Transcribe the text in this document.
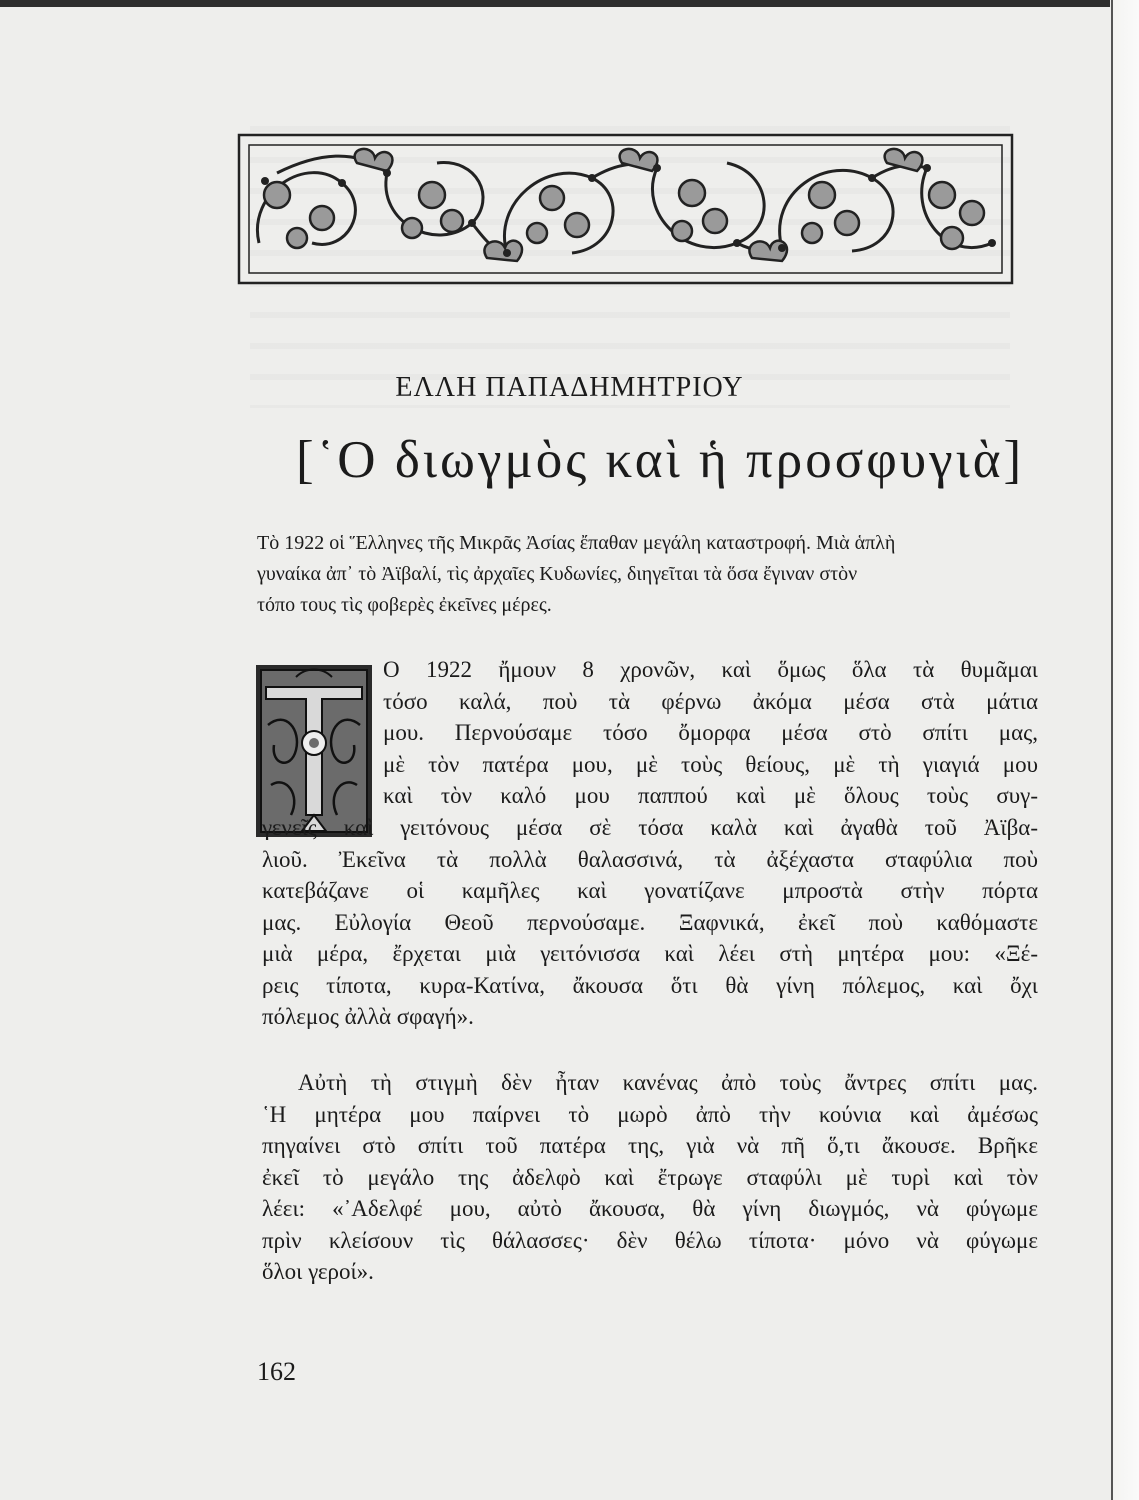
ΕΛΛΗ ΠΑΠΑΔΗΜΗΤΡΙΟΥ
[῾Ο διωγμὸς καὶ ἡ προσφυγιὰ]
Τὸ 1922 οἱ Ἕλληνες τῆς Μικρᾶς Ἀσίας ἔπαθαν μεγάλη καταστροφή. Μιὰ ἁπλὴ
γυναίκα ἀπ᾿ τὸ Ἀϊβαλί, τὶς ἀρχαῖες Κυδωνίες, διηγεῖται τὰ ὅσα ἔγιναν στὸν
τόπο τους τὶς φοβερὲς ἐκεῖνες μέρες.
Ο 1922 ἤμουν 8 χρονῶν, καὶ ὅμως ὅλα τὰ θυμᾶμαι
τόσο καλά, ποὺ τὰ φέρνω ἀκόμα μέσα στὰ μάτια
μου. Περνούσαμε τόσο ὄμορφα μέσα στὸ σπίτι μας,
μὲ τὸν πατέρα μου, μὲ τοὺς θείους, μὲ τὴ γιαγιά μου
καὶ τὸν καλό μου παππού καὶ μὲ ὅλους τοὺς συγ-
γενεῖς καὶ γειτόνους μέσα σὲ τόσα καλὰ καὶ ἀγαθὰ τοῦ Ἀϊβα-
λιοῦ. Ἐκεῖνα τὰ πολλὰ θαλασσινά, τὰ ἀξέχαστα σταφύλια ποὺ
κατεβάζανε οἱ καμῆλες καὶ γονατίζανε μπροστὰ στὴν πόρτα
μας. Εὐλογία Θεοῦ περνούσαμε. Ξαφνικά, ἐκεῖ ποὺ καθόμαστε
μιὰ μέρα, ἔρχεται μιὰ γειτόνισσα καὶ λέει στὴ μητέρα μου: «Ξέ-
ρεις τίποτα, κυρα-Κατίνα, ἄκουσα ὅτι θὰ γίνη πόλεμος, καὶ ὄχι
πόλεμος ἀλλὰ σφαγή».
Αὐτὴ τὴ στιγμὴ δὲν ἦταν κανένας ἀπὸ τοὺς ἄντρες σπίτι μας.
῾Η μητέρα μου παίρνει τὸ μωρὸ ἀπὸ τὴν κούνια καὶ ἀμέσως
πηγαίνει στὸ σπίτι τοῦ πατέρα της, γιὰ νὰ πῆ ὅ,τι ἄκουσε. Βρῆκε
ἐκεῖ τὸ μεγάλο της ἀδελφὸ καὶ ἔτρωγε σταφύλι μὲ τυρὶ καὶ τὸν
λέει: «᾿Αδελφέ μου, αὐτὸ ἄκουσα, θὰ γίνη διωγμός, νὰ φύγωμε
πρὶν κλείσουν τὶς θάλασσες· δὲν θέλω τίποτα· μόνο νὰ φύγωμε
ὅλοι γεροί».
162
